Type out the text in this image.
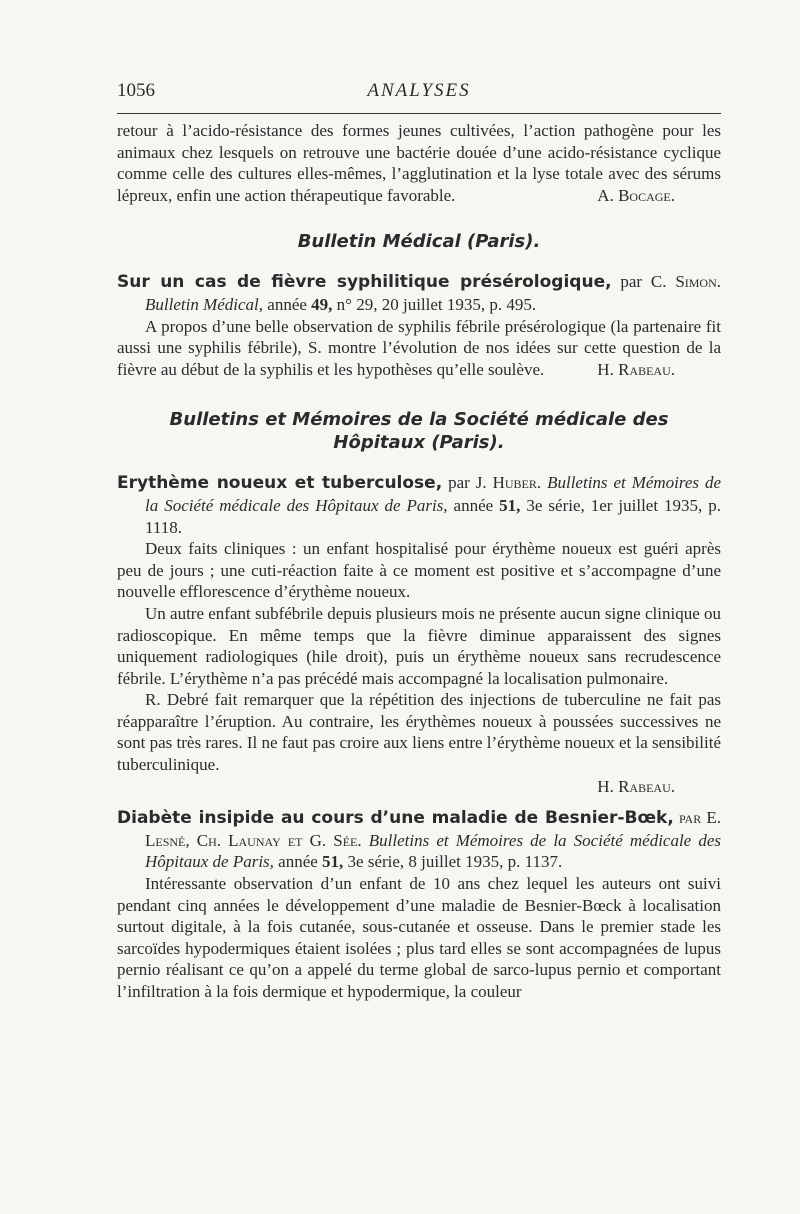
1056	ANALYSES

retour à l’acido-résistance des formes jeunes cultivées, l’action pathogène pour les animaux chez lesquels on retrouve une bactérie douée d’une acido-résistance cyclique comme celle des cultures elles-mêmes, l’agglutination et la lyse totale avec des sérums lépreux, enfin une action thérapeutique favorable.	A. Bocage.

Bulletin Médical (Paris).

Sur un cas de fièvre syphilitique présérologique, par C. Simon. Bulletin Médical, année 49, n° 29, 20 juillet 1935, p. 495.

A propos d’une belle observation de syphilis fébrile présérologique (la partenaire fit aussi une syphilis fébrile), S. montre l’évolution de nos idées sur cette question de la fièvre au début de la syphilis et les hypothèses qu’elle soulève.	H. Rabeau.

Bulletins et Mémoires de la Société médicale des Hôpitaux (Paris).

Erythème noueux et tuberculose, par J. Huber. Bulletins et Mémoires de la Société médicale des Hôpitaux de Paris, année 51, 3e série, 1er juillet 1935, p. 1118.

Deux faits cliniques : un enfant hospitalisé pour érythème noueux est guéri après peu de jours ; une cuti-réaction faite à ce moment est positive et s’accompagne d’une nouvelle efflorescence d’érythème noueux.

Un autre enfant subfébrile depuis plusieurs mois ne présente aucun signe clinique ou radioscopique. En même temps que la fièvre diminue apparaissent des signes uniquement radiologiques (hile droit), puis un érythème noueux sans recrudescence fébrile. L’érythème n’a pas précédé mais accompagné la localisation pulmonaire.

R. Debré fait remarquer que la répétition des injections de tuberculine ne fait pas réapparaître l’éruption. Au contraire, les érythèmes noueux à poussées successives ne sont pas très rares. Il ne faut pas croire aux liens entre l’érythème noueux et la sensibilité tuberculinique.

H. Rabeau.

Diabète insipide au cours d’une maladie de Besnier-Bœk, par E. Lesné, Ch. Launay et G. Sée. Bulletins et Mémoires de la Société médicale des Hôpitaux de Paris, année 51, 3e série, 8 juillet 1935, p. 1137.

Intéressante observation d’un enfant de 10 ans chez lequel les auteurs ont suivi pendant cinq années le développement d’une maladie de Besnier-Bœck à localisation surtout digitale, à la fois cutanée, sous-cutanée et osseuse. Dans le premier stade les sarcoïdes hypodermiques étaient isolées ; plus tard elles se sont accompagnées de lupus pernio réalisant ce qu’on a appelé du terme global de sarco-lupus pernio et comportant l’infiltration à la fois dermique et hypodermique, la couleur
